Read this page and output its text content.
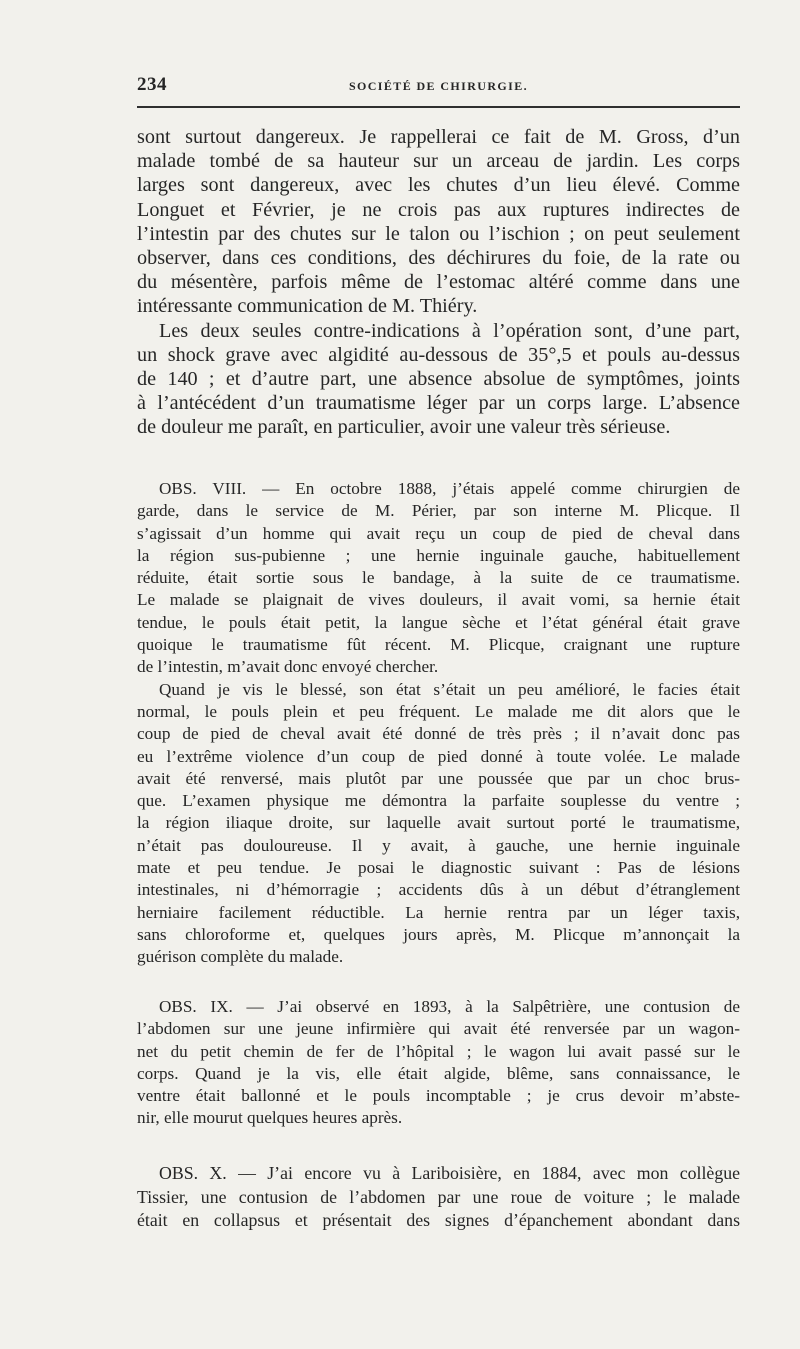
234	SOCIÉTÉ DE CHIRURGIE.
sont surtout dangereux. Je rappellerai ce fait de M. Gross, d’un
malade tombé de sa hauteur sur un arceau de jardin. Les corps
larges sont dangereux, avec les chutes d’un lieu élevé. Comme
Longuet et Février, je ne crois pas aux ruptures indirectes de
l’intestin par des chutes sur le talon ou l’ischion ; on peut seulement
observer, dans ces conditions, des déchirures du foie, de la rate ou
du mésentère, parfois même de l’estomac altéré comme dans une
intéressante communication de M. Thiéry.
Les deux seules contre-indications à l’opération sont, d’une part,
un shock grave avec algidité au-dessous de 35°,5 et pouls au-dessus
de 140 ; et d’autre part, une absence absolue de symptômes, joints
à l’antécédent d’un traumatisme léger par un corps large. L’absence
de douleur me paraît, en particulier, avoir une valeur très sérieuse.
OBS. VIII. — En octobre 1888, j’étais appelé comme chirurgien de
garde, dans le service de M. Périer, par son interne M. Plicque. Il
s’agissait d’un homme qui avait reçu un coup de pied de cheval dans
la région sus-pubienne ; une hernie inguinale gauche, habituellement
réduite, était sortie sous le bandage, à la suite de ce traumatisme.
Le malade se plaignait de vives douleurs, il avait vomi, sa hernie était
tendue, le pouls était petit, la langue sèche et l’état général était grave
quoique le traumatisme fût récent. M. Plicque, craignant une rupture
de l’intestin, m’avait donc envoyé chercher.
Quand je vis le blessé, son état s’était un peu amélioré, le facies était
normal, le pouls plein et peu fréquent. Le malade me dit alors que le
coup de pied de cheval avait été donné de très près ; il n’avait donc pas
eu l’extrême violence d’un coup de pied donné à toute volée. Le malade
avait été renversé, mais plutôt par une poussée que par un choc brus-
que. L’examen physique me démontra la parfaite souplesse du ventre ;
la région iliaque droite, sur laquelle avait surtout porté le traumatisme,
n’était pas douloureuse. Il y avait, à gauche, une hernie inguinale
mate et peu tendue. Je posai le diagnostic suivant : Pas de lésions
intestinales, ni d’hémorragie ; accidents dûs à un début d’étranglement
herniaire facilement réductible. La hernie rentra par un léger taxis,
sans chloroforme et, quelques jours après, M. Plicque m’annonçait la
guérison complète du malade.
OBS. IX. — J’ai observé en 1893, à la Salpêtrière, une contusion de
l’abdomen sur une jeune infirmière qui avait été renversée par un wagon-
net du petit chemin de fer de l’hôpital ; le wagon lui avait passé sur le
corps. Quand je la vis, elle était algide, blême, sans connaissance, le
ventre était ballonné et le pouls incomptable ; je crus devoir m’abste-
nir, elle mourut quelques heures après.
OBS. X. — J’ai encore vu à Lariboisière, en 1884, avec mon collègue
Tissier, une contusion de l’abdomen par une roue de voiture ; le malade
était en collapsus et présentait des signes d’épanchement abondant dans
